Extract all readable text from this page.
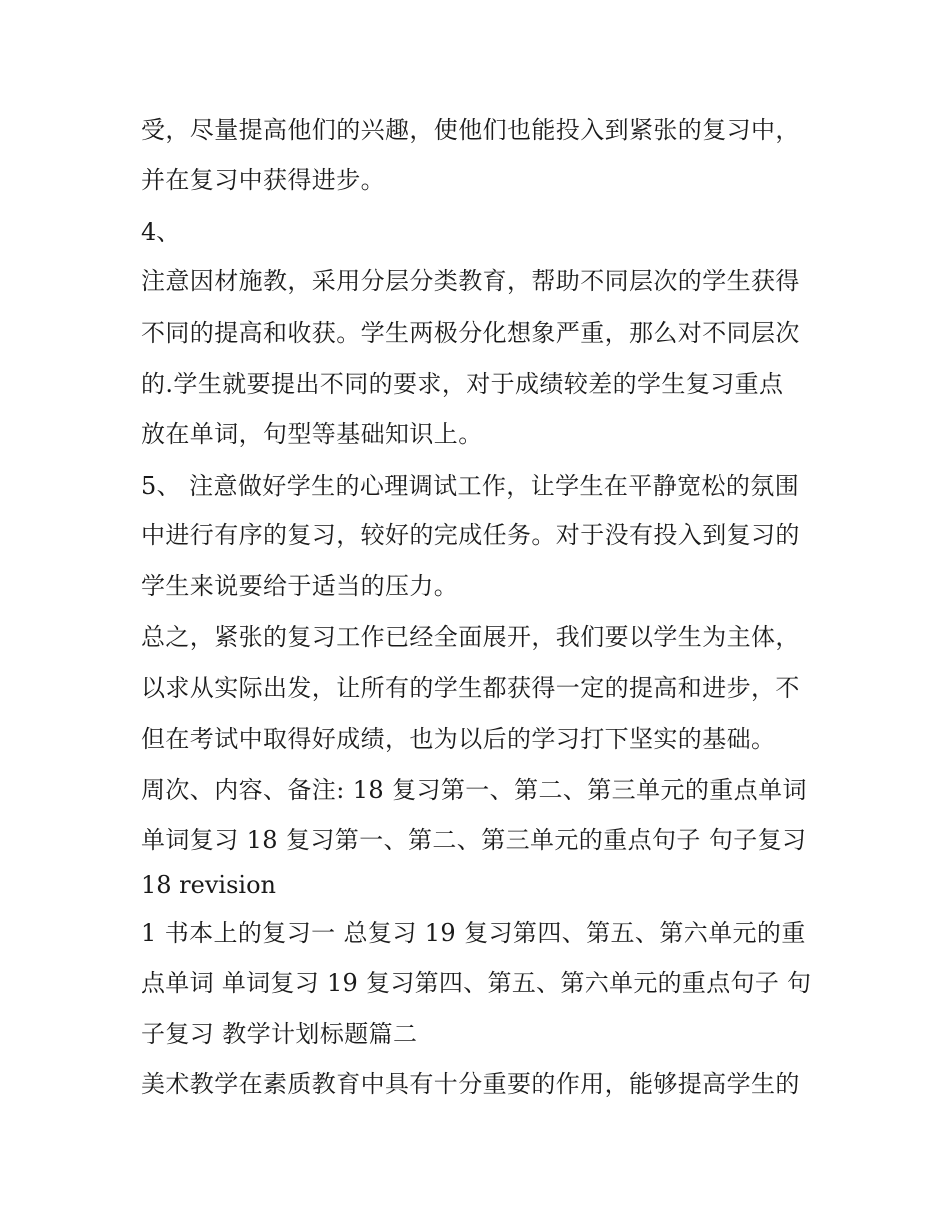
受，尽量提高他们的兴趣，使他们也能投入到紧张的复习中，
并在复习中获得进步。
4、
注意因材施教，采用分层分类教育，帮助不同层次的学生获得
不同的提高和收获。学生两极分化想象严重，那么对不同层次
的.学生就要提出不同的要求，对于成绩较差的学生复习重点
放在单词，句型等基础知识上。
5、 注意做好学生的心理调试工作，让学生在平静宽松的氛围
中进行有序的复习，较好的完成任务。对于没有投入到复习的
学生来说要给于适当的压力。
总之，紧张的复习工作已经全面展开，我们要以学生为主体，
以求从实际出发，让所有的学生都获得一定的提高和进步，不
但在考试中取得好成绩，也为以后的学习打下坚实的基础。
周次、内容、备注: 18 复习第一、第二、第三单元的重点单词
单词复习 18 复习第一、第二、第三单元的重点句子 句子复习
18 revision
1 书本上的复习一 总复习 19 复习第四、第五、第六单元的重
点单词 单词复习 19 复习第四、第五、第六单元的重点句子 句
子复习 教学计划标题篇二
美术教学在素质教育中具有十分重要的作用，能够提高学生的
